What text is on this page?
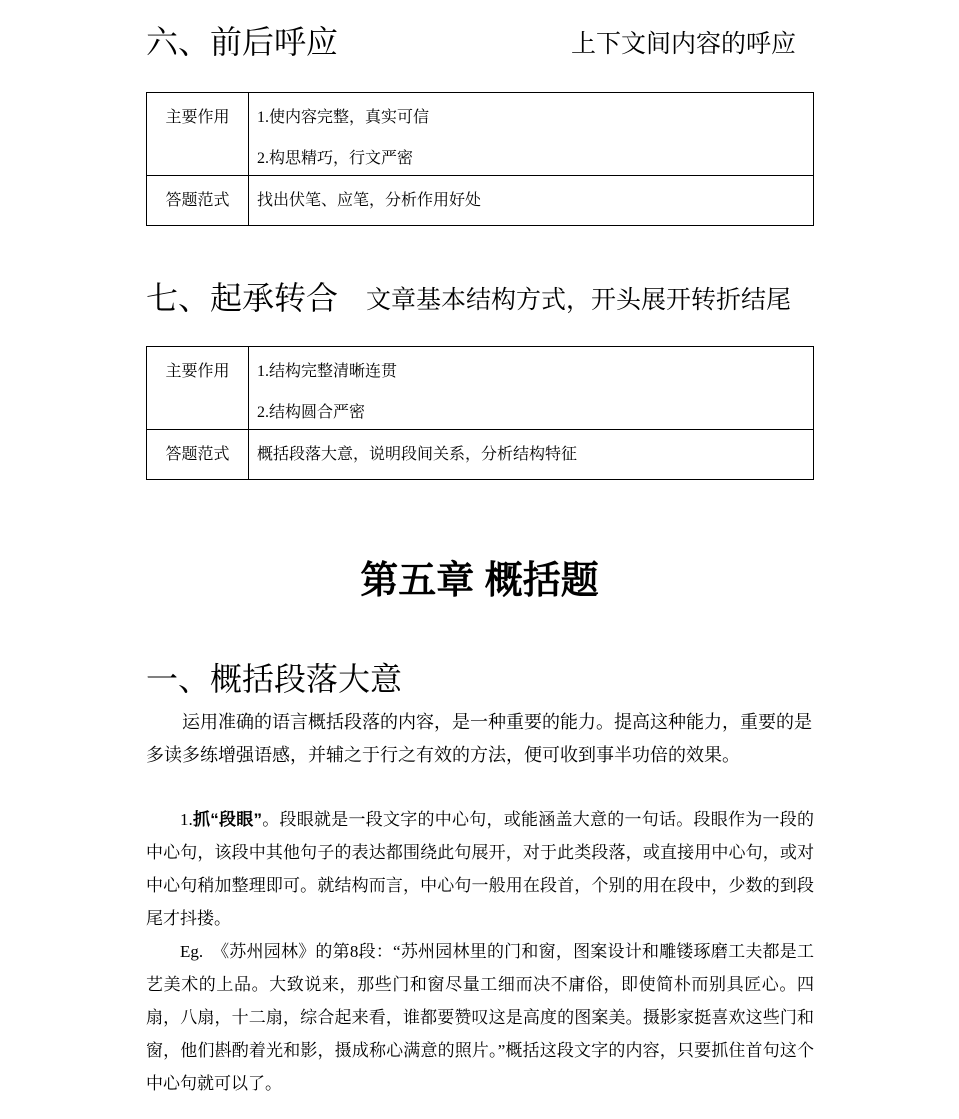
六、前后呼应	上下文间内容的呼应
主要作用	1.使内容完整，真实可信
2.构思精巧，行文严密

答题范式	找出伏笔、应笔，分析作用好处
七、起承转合 文章基本结构方式，开头展开转折结尾
主要作用	1.结构完整清晰连贯
2.结构圆合严密

答题范式	概括段落大意，说明段间关系，分析结构特征
第五章 概括题
一、概括段落大意
运用准确的语言概括段落的内容，是一种重要的能力。提高这种能力，重要的是多读多练增强语感，并辅之于行之有效的方法，便可收到事半功倍的效果。
1.抓“段眼”。段眼就是一段文字的中心句，或能涵盖大意的一句话。段眼作为一段的中心句，该段中其他句子的表达都围绕此句展开，对于此类段落，或直接用中心句，或对中心句稍加整理即可。就结构而言，中心句一般用在段首，个别的用在段中，少数的到段尾才抖搂。
Eg.　《苏州园林》的第8段：“苏州园林里的门和窗，图案设计和雕镂琢磨工夫都是工艺美术的上品。大致说来，那些门和窗尽量工细而决不庸俗，即使简朴而别具匠心。四扇，八扇，十二扇，综合起来看，谁都要赞叹这是高度的图案美。摄影家挺喜欢这些门和窗，他们斟酌着光和影，摄成称心满意的照片。”概括这段文字的内容，只要抓住首句这个中心句就可以了。
